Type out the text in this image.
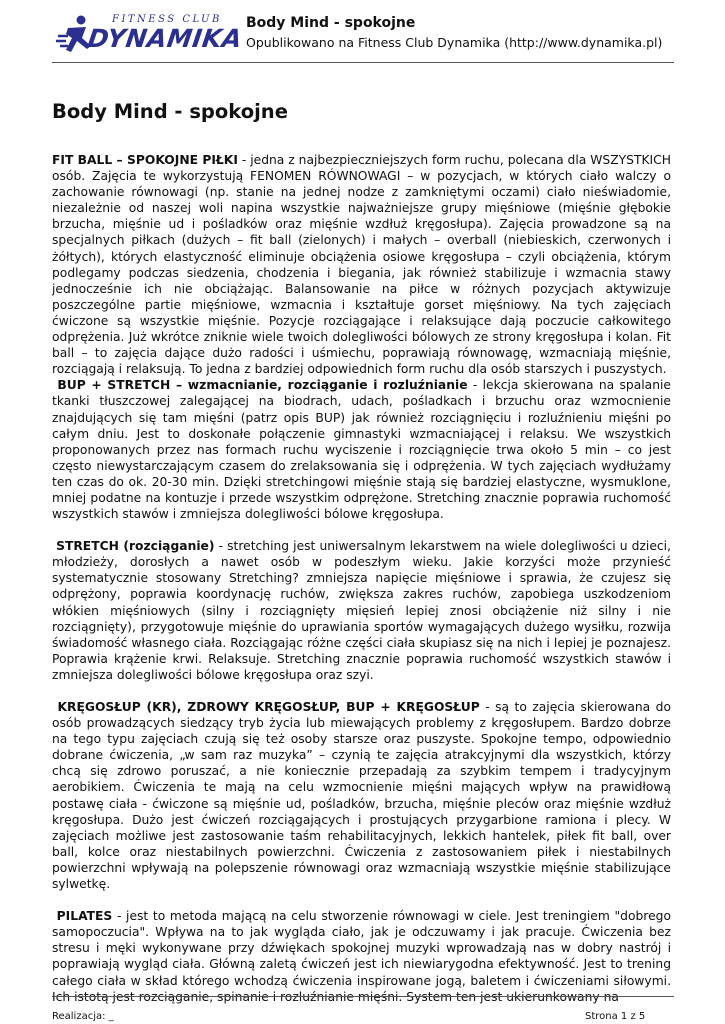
FITNESS CLUB
DYNAMIKA
Body Mind - spokojne
Opublikowano na Fitness Club Dynamika (http://www.dynamika.pl)
Body Mind - spokojne

FIT BALL – SPOKOJNE PIŁKI - jedna z najbezpieczniejszych form ruchu, polecana dla WSZYSTKICH osób. Zajęcia te wykorzystują FENOMEN RÓWNOWAGI – w pozycjach, w których ciało walczy o zachowanie równowagi (np. stanie na jednej nodze z zamkniętymi oczami) ciało nieświadomie, niezależnie od naszej woli napina wszystkie najważniejsze grupy mięśniowe (mięśnie głębokie brzucha, mięśnie ud i pośladków oraz mięśnie wzdłuż kręgosłupa). Zajęcia prowadzone są na specjalnych piłkach (dużych – fit ball (zielonych) i małych – overball (niebieskich, czerwonych i żółtych), których elastyczność eliminuje obciążenia osiowe kręgosłupa – czyli obciążenia, którym podlegamy podczas siedzenia, chodzenia i biegania, jak również stabilizuje i wzmacnia stawy jednocześnie ich nie obciążając. Balansowanie na piłce w różnych pozycjach aktywizuje poszczególne partie mięśniowe, wzmacnia i kształtuje gorset mięśniowy. Na tych zajęciach ćwiczone są wszystkie mięśnie. Pozycje rozciągające i relaksujące dają poczucie całkowitego odprężenia. Już wkrótce zniknie wiele twoich dolegliwości bólowych ze strony kręgosłupa i kolan. Fit ball – to zajęcia dające dużo radości i uśmiechu, poprawiają równowagę, wzmacniają mięśnie, rozciągają i relaksują. To jedna z bardziej odpowiednich form ruchu dla osób starszych i puszystych.

BUP + STRETCH – wzmacnianie, rozciąganie i rozluźnianie - lekcja skierowana na spalanie tkanki tłuszczowej zalegającej na biodrach, udach, pośladkach i brzuchu oraz wzmocnienie znajdujących się tam mięśni (patrz opis BUP) jak również rozciągnięciu i rozluźnieniu mięśni po całym dniu. Jest to doskonałe połączenie gimnastyki wzmacniającej i relaksu. We wszystkich proponowanych przez nas formach ruchu wyciszenie i rozciągnięcie trwa około 5 min – co jest często niewystarczającym czasem do zrelaksowania się i odprężenia. W tych zajęciach wydłużamy ten czas do ok. 20-30 min. Dzięki stretchingowi mięśnie stają się bardziej elastyczne, wysmuklone, mniej podatne na kontuzje i przede wszystkim odprężone. Stretching znacznie poprawia ruchomość wszystkich stawów i zmniejsza dolegliwości bólowe kręgosłupa.

STRETCH (rozciąganie) - stretching jest uniwersalnym lekarstwem na wiele dolegliwości u dzieci, młodzieży, dorosłych a nawet osób w podeszłym wieku. Jakie korzyści może przynieść systematycznie stosowany Stretching? zmniejsza napięcie mięśniowe i sprawia, że czujesz się odprężony, poprawia koordynację ruchów, zwiększa zakres ruchów, zapobiega uszkodzeniom włókien mięśniowych (silny i rozciągnięty mięsień lepiej znosi obciążenie niż silny i nie rozciągnięty), przygotowuje mięśnie do uprawiania sportów wymagających dużego wysiłku, rozwija świadomość własnego ciała. Rozciągając różne części ciała skupiasz się na nich i lepiej je poznajesz. Poprawia krążenie krwi. Relaksuje. Stretching znacznie poprawia ruchomość wszystkich stawów i zmniejsza dolegliwości bólowe kręgosłupa oraz szyi.

KRĘGOSŁUP (KR), ZDROWY KRĘGOSŁUP, BUP + KRĘGOSŁUP - są to zajęcia skierowana do osób prowadzących siedzący tryb życia lub miewających problemy z kręgosłupem. Bardzo dobrze na tego typu zajęciach czują się też osoby starsze oraz puszyste. Spokojne tempo, odpowiednio dobrane ćwiczenia, „w sam raz muzyka” – czynią te zajęcia atrakcyjnymi dla wszystkich, którzy chcą się zdrowo poruszać, a nie koniecznie przepadają za szybkim tempem i tradycyjnym aerobikiem. Ćwiczenia te mają na celu wzmocnienie mięśni mających wpływ na prawidłową postawę ciała - ćwiczone są mięśnie ud, pośladków, brzucha, mięśnie pleców oraz mięśnie wzdłuż kręgosłupa. Dużo jest ćwiczeń rozciągających i prostujących przygarbione ramiona i plecy. W zajęciach możliwe jest zastosowanie taśm rehabilitacyjnych, lekkich hantelek, piłek fit ball, over ball, kolce oraz niestabilnych powierzchni. Ćwiczenia z zastosowaniem piłek i niestabilnych powierzchni wpływają na polepszenie równowagi oraz wzmacniają wszystkie mięśnie stabilizujące sylwetkę.

PILATES - jest to metoda mającą na celu stworzenie równowagi w ciele. Jest treningiem "dobrego samopoczucia". Wpływa na to jak wygląda ciało, jak je odczuwamy i jak pracuje. Ćwiczenia bez stresu i męki wykonywane przy dźwiękach spokojnej muzyki wprowadzają nas w dobry nastrój i poprawiają wygląd ciała. Główną zaletą ćwiczeń jest ich niewiarygodna efektywność. Jest to trening całego ciała w skład którego wchodzą ćwiczenia inspirowane jogą, baletem i ćwiczeniami siłowymi. Ich istotą jest rozciąganie, spinanie i rozluźnianie mięśni. System ten jest ukierunkowany na

Realizacja: _	Strona 1 z 5
